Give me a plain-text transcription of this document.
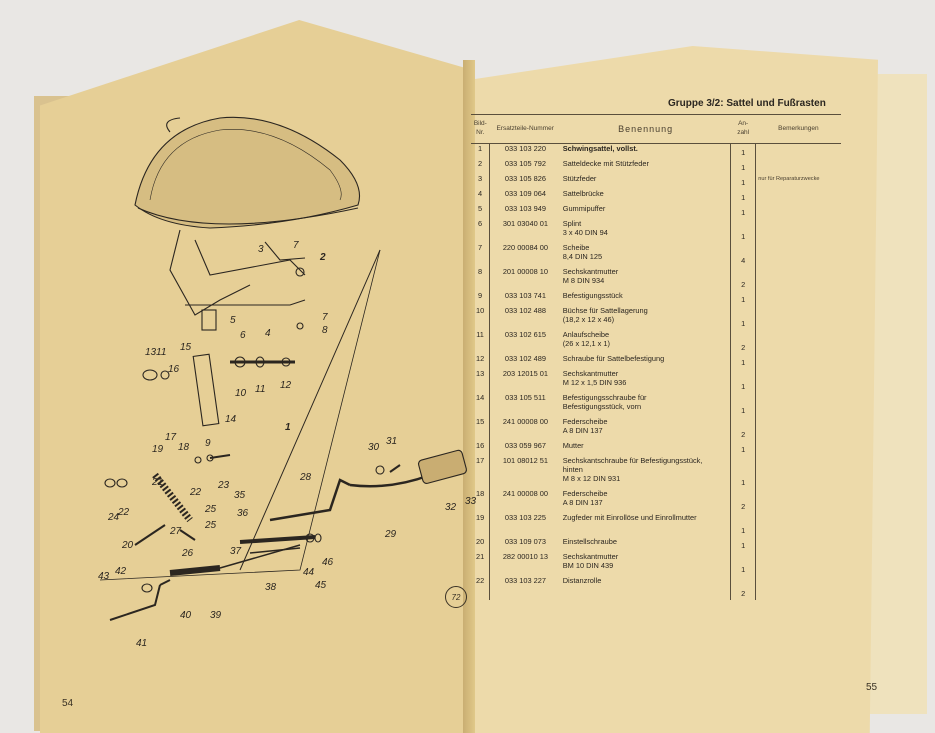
2
1
3	7
5
4
6
7
8
13 11
16
15
10 11 12
14
17
18 9
19
24
22
21
22
23
20
27
26
25
25
35
36
37
38
39
40
41
42
43	44
45
46
28
29
30
31
32
33
72
54
Gruppe 3/2: Sattel und Fußrasten
Bild-Nr.	Ersatzteile-Nummer	Benennung		An-zahl	Bemerkungen
1	033 103 220	Schwingsattel, vollst.		1	
2	033 105 792	Satteldecke mit Stützfeder		1	
3	033 105 826	Stützfeder		1	nur für Reparaturzwecke
4	033 109 064	Sattelbrücke		1	
5	033 103 949	Gummipuffer		1	
6	301 03040 01	Splint
3 x 40 DIN 94		1	
7	220 00084 00	Scheibe
8,4 DIN 125		4	
8	201 00008 10	Sechskantmutter
M 8 DIN 934		2	
9	033 103 741	Befestigungsstück		1	
10	033 102 488	Büchse für Sattellagerung
(18,2 x 12 x 46)		1	
11	033 102 615	Anlaufscheibe
(26 x 12,1 x 1)		2	
12	033 102 489	Schraube für Sattelbefestigung		1	
13	203 12015 01	Sechskantmutter
M 12 x 1,5 DIN 936		1	
14	033 105 511	Befestigungsschraube für
Befestigungsstück, vorn		1	
15	241 00008 00	Federscheibe
A 8 DIN 137		2	
16	033 059 967	Mutter		1	
17	101 08012 51	Sechskantschraube für Befestigungsstück, hinten
M 8 x 12 DIN 931		1	
18	241 00008 00	Federscheibe
A 8 DIN 137		2	
19	033 103 225	Zugfeder mit Einrollöse und Einrollmutter		1	
20	033 109 073	Einstellschraube		1	
21	282 00010 13	Sechskantmutter
BM 10 DIN 439		1	
22	033 103 227	Distanzrolle		2	
55
